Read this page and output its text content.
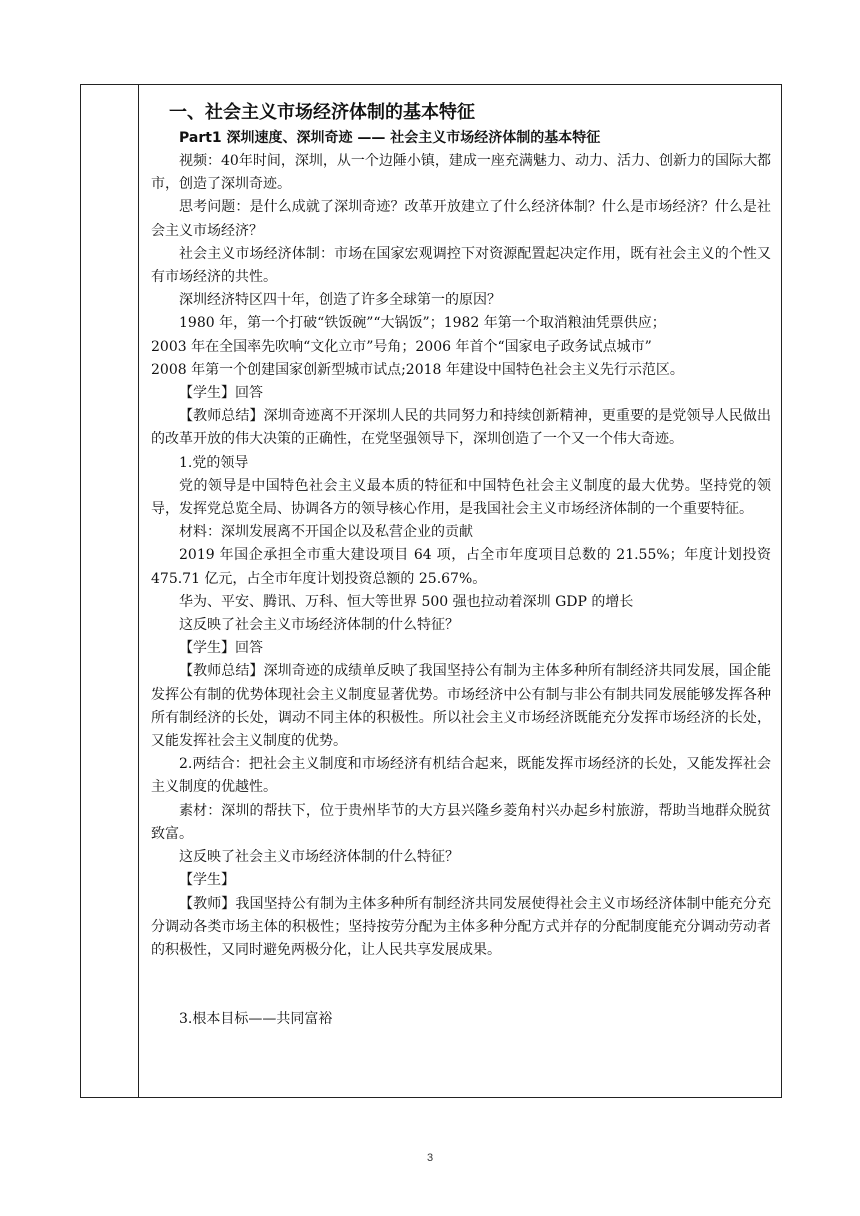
一、社会主义市场经济体制的基本特征
Part1 深圳速度、深圳奇迹 —— 社会主义市场经济体制的基本特征

视频：40年时间，深圳，从一个边陲小镇，建成一座充满魅力、动力、活力、创新力的国际大都市，创造了深圳奇迹。

思考问题：是什么成就了深圳奇迹？改革开放建立了什么经济体制？什么是市场经济？什么是社会主义市场经济？

社会主义市场经济体制：市场在国家宏观调控下对资源配置起决定作用，既有社会主义的个性又有市场经济的共性。

深圳经济特区四十年，创造了许多全球第一的原因？

1980 年，第一个打破“铁饭碗”“大锅饭”；1982 年第一个取消粮油凭票供应；

2003 年在全国率先吹响“文化立市”号角；2006 年首个“国家电子政务试点城市”

2008 年第一个创建国家创新型城市试点;2018 年建设中国特色社会主义先行示范区。

【学生】回答

【教师总结】深圳奇迹离不开深圳人民的共同努力和持续创新精神，更重要的是党领导人民做出的改革开放的伟大决策的正确性，在党坚强领导下，深圳创造了一个又一个伟大奇迹。

1.党的领导

党的领导是中国特色社会主义最本质的特征和中国特色社会主义制度的最大优势。坚持党的领导，发挥党总览全局、协调各方的领导核心作用，是我国社会主义市场经济体制的一个重要特征。

材料：深圳发展离不开国企以及私营企业的贡献

2019 年国企承担全市重大建设项目 64 项，占全市年度项目总数的 21.55%；年度计划投资 475.71 亿元，占全市年度计划投资总额的 25.67%。

华为、平安、腾讯、万科、恒大等世界 500 强也拉动着深圳 GDP 的增长

这反映了社会主义市场经济体制的什么特征？

【学生】回答

【教师总结】深圳奇迹的成绩单反映了我国坚持公有制为主体多种所有制经济共同发展，国企能发挥公有制的优势体现社会主义制度显著优势。市场经济中公有制与非公有制共同发展能够发挥各种所有制经济的长处，调动不同主体的积极性。所以社会主义市场经济既能充分发挥市场经济的长处，又能发挥社会主义制度的优势。

2.两结合：把社会主义制度和市场经济有机结合起来，既能发挥市场经济的长处，又能发挥社会主义制度的优越性。

素材：深圳的帮扶下，位于贵州毕节的大方县兴隆乡菱角村兴办起乡村旅游，帮助当地群众脱贫致富。

这反映了社会主义市场经济体制的什么特征？

【学生】

【教师】我国坚持公有制为主体多种所有制经济共同发展使得社会主义市场经济体制中能充分充分调动各类市场主体的积极性；坚持按劳分配为主体多种分配方式并存的分配制度能充分调动劳动者的积极性，又同时避免两极分化，让人民共享发展成果。

3.根本目标——共同富裕

3
